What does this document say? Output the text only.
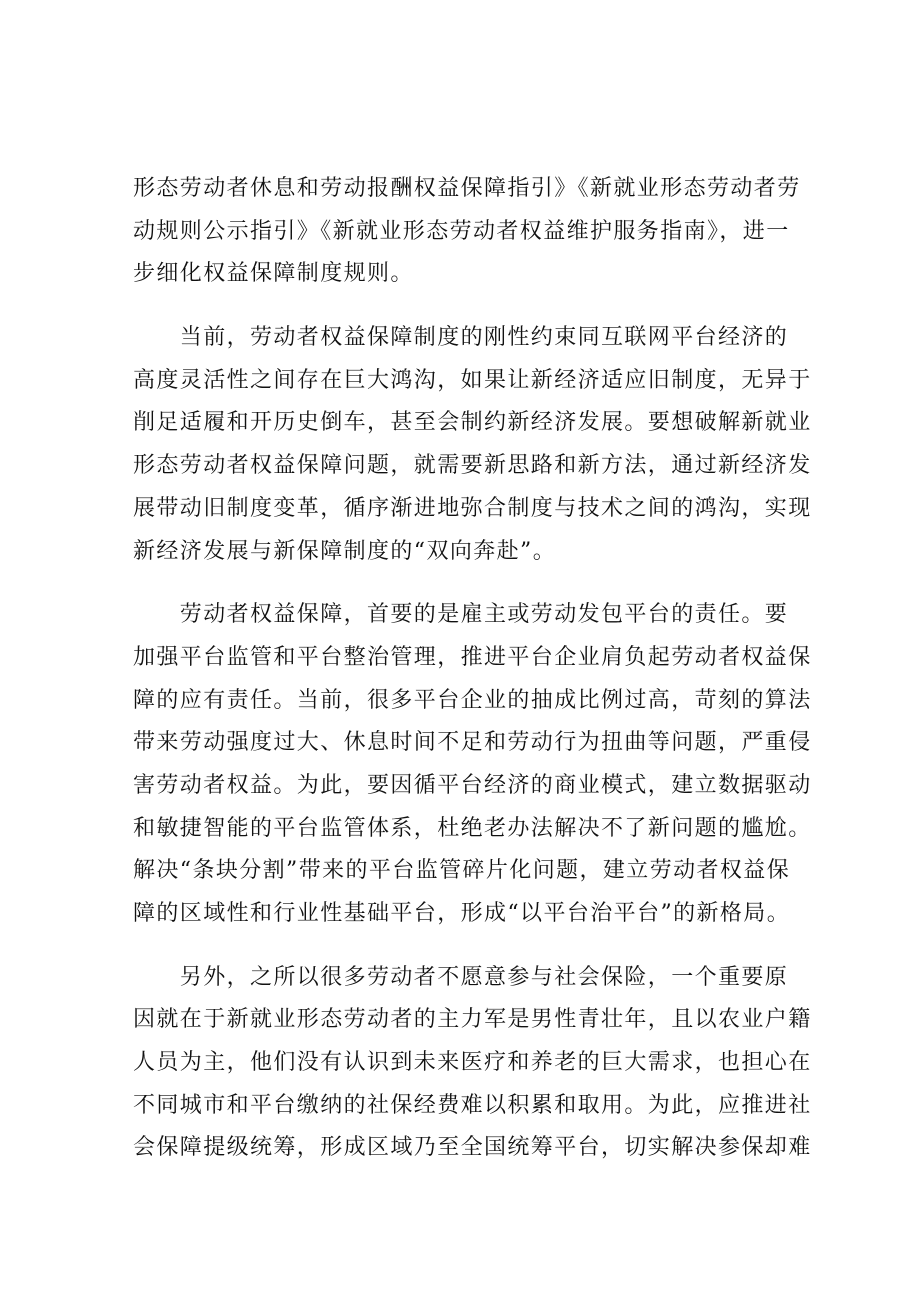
形态劳动者休息和劳动报酬权益保障指引》《新就业形态劳动者劳
动规则公示指引》《新就业形态劳动者权益维护服务指南》，进一
步细化权益保障制度规则。
　　当前，劳动者权益保障制度的刚性约束同互联网平台经济的
高度灵活性之间存在巨大鸿沟，如果让新经济适应旧制度，无异于
削足适履和开历史倒车，甚至会制约新经济发展。要想破解新就业
形态劳动者权益保障问题，就需要新思路和新方法，通过新经济发
展带动旧制度变革，循序渐进地弥合制度与技术之间的鸿沟，实现
新经济发展与新保障制度的“双向奔赴”。
　　劳动者权益保障，首要的是雇主或劳动发包平台的责任。要
加强平台监管和平台整治管理，推进平台企业肩负起劳动者权益保
障的应有责任。当前，很多平台企业的抽成比例过高，苛刻的算法
带来劳动强度过大、休息时间不足和劳动行为扭曲等问题，严重侵
害劳动者权益。为此，要因循平台经济的商业模式，建立数据驱动
和敏捷智能的平台监管体系，杜绝老办法解决不了新问题的尴尬。
解决“条块分割”带来的平台监管碎片化问题，建立劳动者权益保
障的区域性和行业性基础平台，形成“以平台治平台”的新格局。
　　另外，之所以很多劳动者不愿意参与社会保险，一个重要原
因就在于新就业形态劳动者的主力军是男性青壮年，且以农业户籍
人员为主，他们没有认识到未来医疗和养老的巨大需求，也担心在
不同城市和平台缴纳的社保经费难以积累和取用。为此，应推进社
会保障提级统筹，形成区域乃至全国统筹平台，切实解决参保却难
